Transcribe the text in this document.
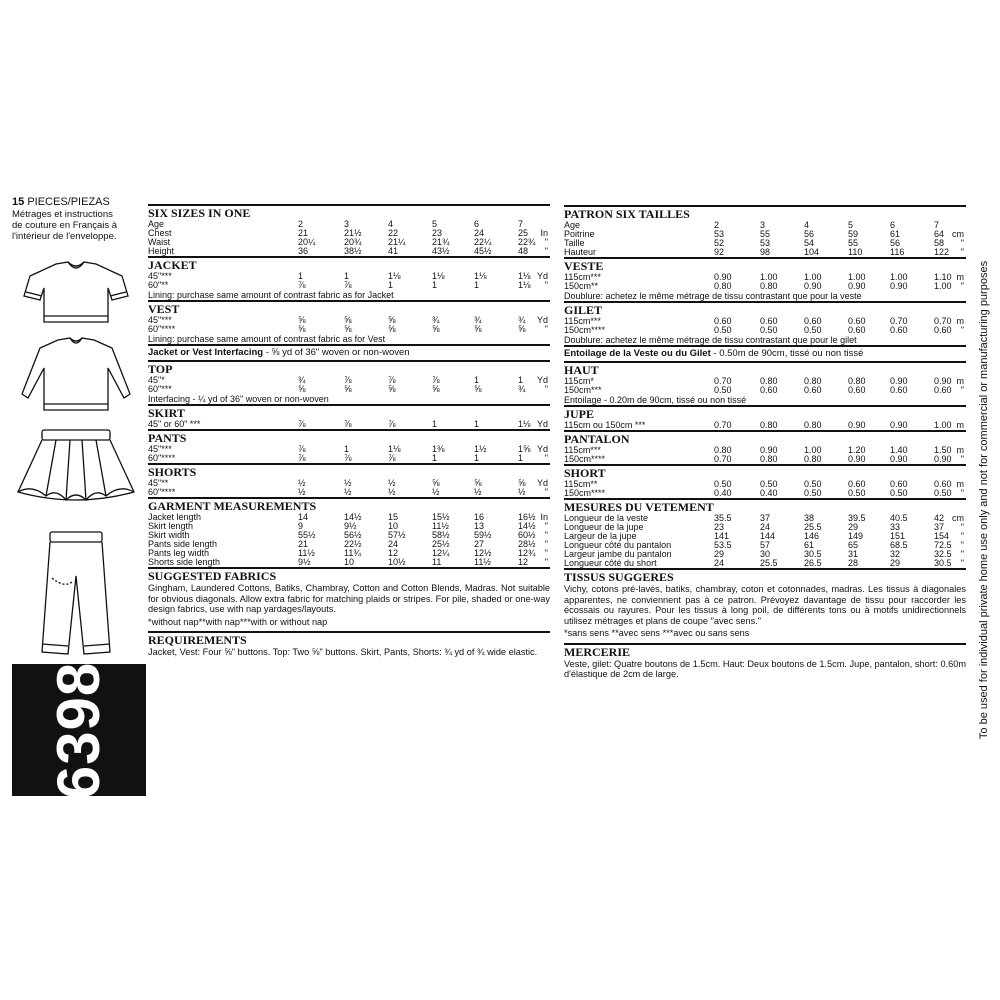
15 PIECES/PIEZAS
Métrages et instructions
de couture en Français à
l'intérieur de l'enveloppe.
6398	To be used for individual private home use only and not for commercial or manufacturing purposes
SIX SIZES IN ONE
Age	2	3	4	5	6	7
Chest	21	21½	22	23	24	25 In
Waist	20¼	20¾	21¼	21¾	22¼	22¾ "
Height	36	38½	41	43½	45½	48 "
JACKET
45"***	1	1	1⅛	1⅛	1⅛	1⅛ Yd
60"**	⅞	⅞	1	1	1	1⅛ "
Lining: purchase same amount of contrast fabric as for Jacket
VEST
45"***	⅝	⅝	⅝	¾	¾	¾ Yd
60"****	⅝	⅝	⅝	⅝	⅝	⅝ "
Lining: purchase same amount of contrast fabric as for Vest
Jacket or Vest Interfacing - ⅝ yd of 36" woven or non-woven
TOP
45"*	¾	⅞	⅞	⅞	1	1 Yd
60"***	⅝	⅝	⅝	⅝	⅝	¾ "
Interfacing - ¼ yd of 36" woven or non-woven
SKIRT
45" or 60" ***	⅞	⅞	⅞	1	1	1⅛ Yd
PANTS
45"***	⅞	1	1⅛	1⅜	1½	1⅝ Yd
60"****	⅞	⅞	⅞	1	1	1 "
SHORTS
45"**	½	½	½	⅝	⅝	⅝ Yd
60"****	½	½	½	½	½	½ "
GARMENT MEASUREMENTS
Jacket length	14	14½	15	15½	16	16½ In
Skirt length	9	9½	10	11½	13	14½ "
Skirt width	55½	56½	57½	58½	59½	60½ "
Pants side length	21	22½	24	25½	27	28½ "
Pants leg width	11½	11¾	12	12¼	12½	12¾ "
Shorts side length	9½	10	10½	11	11½	12 "
SUGGESTED FABRICS
Gingham, Laundered Cottons, Batiks, Chambray, Cotton and Cotton Blends, Madras. Not suitable for obvious diagonals. Allow extra fabric for matching plaids or stripes. For pile, shaded or one-way design fabrics, use with nap yardages/layouts.
*without nap**with nap***with or without nap
REQUIREMENTS
Jacket, Vest: Four ⅝" buttons. Top: Two ⅝" buttons. Skirt, Pants, Shorts: ¾ yd of ¾ wide elastic.
PATRON SIX TAILLES
Age	2	3	4	5	6	7
Poitrine	53	55	56	59	61	64 cm
Taille	52	53	54	55	56	58 "
Hauteur	92	98	104	110	116	122 "
VESTE
115cm***	0.90	1.00	1.00	1.00	1.00	1.10 m
150cm**	0.80	0.80	0.90	0.90	0.90	1.00 "
Doublure: achetez le même métrage de tissu contrastant que pour la veste
GILET
115cm***	0.60	0.60	0.60	0.60	0.70	0.70 m
150cm****	0.50	0.50	0.50	0.60	0.60	0.60 "
Doublure: achetez le même métrage de tissu contrastant que pour le gilet
Entoilage de la Veste ou du Gilet - 0.50m de 90cm, tissé ou non tissé
HAUT
115cm*	0.70	0.80	0.80	0.80	0.90	0.90 m
150cm***	0.50	0.60	0.60	0.60	0.60	0.60 "
Entoilage - 0.20m de 90cm, tissé ou non tissé
JUPE
115cm ou 150cm ***	0.70	0.80	0.80	0.90	0.90	1.00 m
PANTALON
115cm***	0.80	0.90	1.00	1.20	1.40	1.50 m
150cm****	0.70	0.80	0.80	0.90	0.90	0.90 "
SHORT
115cm**	0.50	0.50	0.50	0.60	0.60	0.60 m
150cm****	0.40	0.40	0.50	0.50	0.50	0.50 "
MESURES DU VETEMENT
Longueur de la veste	35.5	37	38	39.5	40.5	42 cm
Longueur de la jupe	23	24	25.5	29	33	37 "
Largeur de la jupe	141	144	146	149	151	154 "
Longueur côté du pantalon	53.5	57	61	65	68.5	72.5 "
Largeur jambe du pantalon	29	30	30.5	31	32	32.5 "
Longueur côté du short	24	25.5	26.5	28	29	30.5 "
TISSUS SUGGERES
Vichy, cotons pré-lavés, batiks, chambray, coton et cotonnades, madras. Les tissus à diagonales apparentes, ne conviennent pas à ce patron. Prévoyez davantage de tissu pour raccorder les écossais ou rayures. Pour les tissus à long poil, de différents tons ou à motifs unidirectionnels utilisez métrages et plans de coupe "avec sens."
*sans sens **avec sens ***avec ou sans sens
MERCERIE
Veste, gilet: Quatre boutons de 1.5cm. Haut: Deux boutons de 1.5cm. Jupe, pantalon, short: 0.60m d'élastique de 2cm de large.
